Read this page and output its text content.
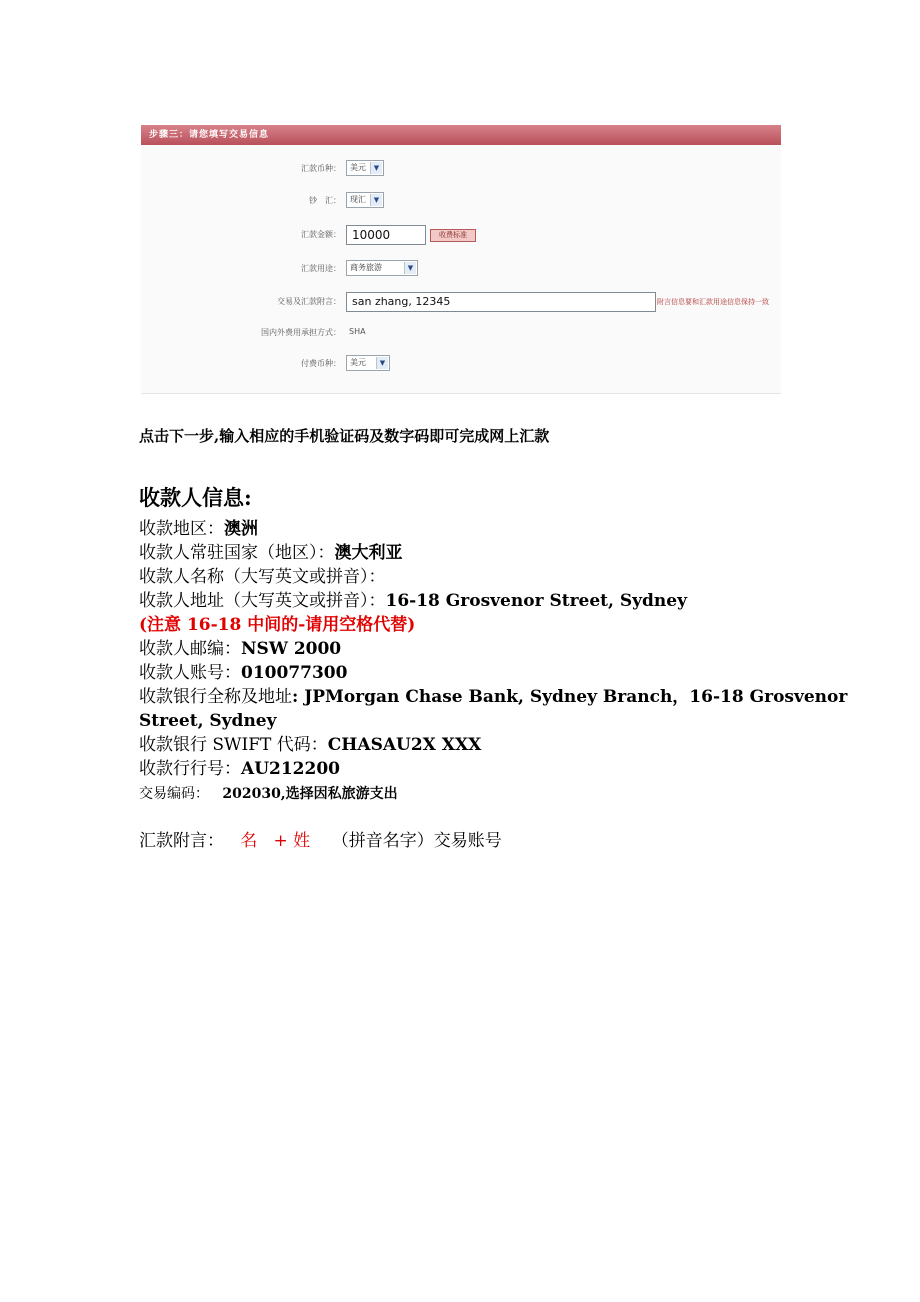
步骤三：请您填写交易信息
汇款币种：	美元	▼
钞　汇：	现汇	▼
汇款金额： 10000	收费标准
汇款用途：	商务旅游	▼
交易及汇款附言：	san zhang, 12345	附言信息要和汇款用途信息保持一致
国内外费用承担方式： SHA
付费币种：	美元	▼
点击下一步,输入相应的手机验证码及数字码即可完成网上汇款
收款人信息:
收款地区：澳洲
收款人常驻国家（地区）：澳大利亚
收款人名称（大写英文或拼音）：
收款人地址（大写英文或拼音）：16-18 Grosvenor Street, Sydney
(注意 16-18 中间的-请用空格代替)
收款人邮编：NSW 2000
收款人账号：010077300
收款银行全称及地址: JPMorgan Chase Bank, Sydney Branch，16-18 Grosvenor
Street, Sydney
收款银行 SWIFT 代码：CHASAU2X XXX
收款行行号：AU212200
交易编码： 202030,选择因私旅游支出
汇款附言： 名 + 姓 （拼音名字）交易账号
